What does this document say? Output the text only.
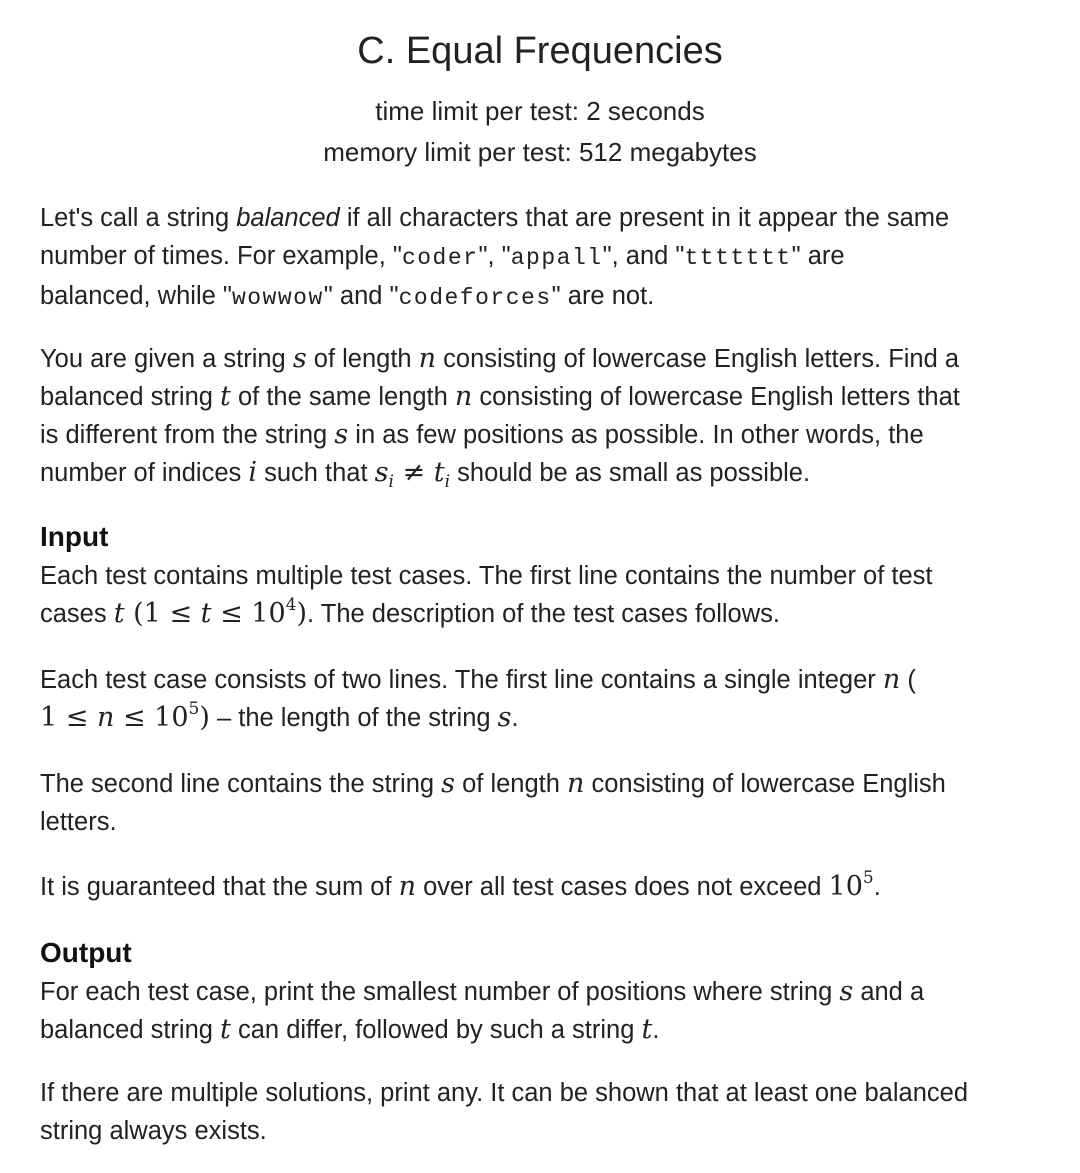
C. Equal Frequencies
time limit per test: 2 seconds
memory limit per test: 512 megabytes
Let's call a string balanced if all characters that are present in it appear the same
number of times. For example, "coder", "appall", and "ttttttt" are
balanced, while "wowwow" and "codeforces" are not.
You are given a string s of length n consisting of lowercase English letters. Find a
balanced string t of the same length n consisting of lowercase English letters that
is different from the string s in as few positions as possible. In other words, the
number of indices i such that $s_i \ne t_i$ should be as small as possible.
Input
Each test contains multiple test cases. The first line contains the number of test
cases t $(1 \le t \le 10^4)$. The description of the test cases follows.
Each test case consists of two lines. The first line contains a single integer n (
$1 \le n \le 10^5$) – the length of the string s.
The second line contains the string s of length n consisting of lowercase English
letters.
It is guaranteed that the sum of n over all test cases does not exceed $10^5$.
Output
For each test case, print the smallest number of positions where string s and a
balanced string t can differ, followed by such a string t.
If there are multiple solutions, print any. It can be shown that at least one balanced
string always exists.
